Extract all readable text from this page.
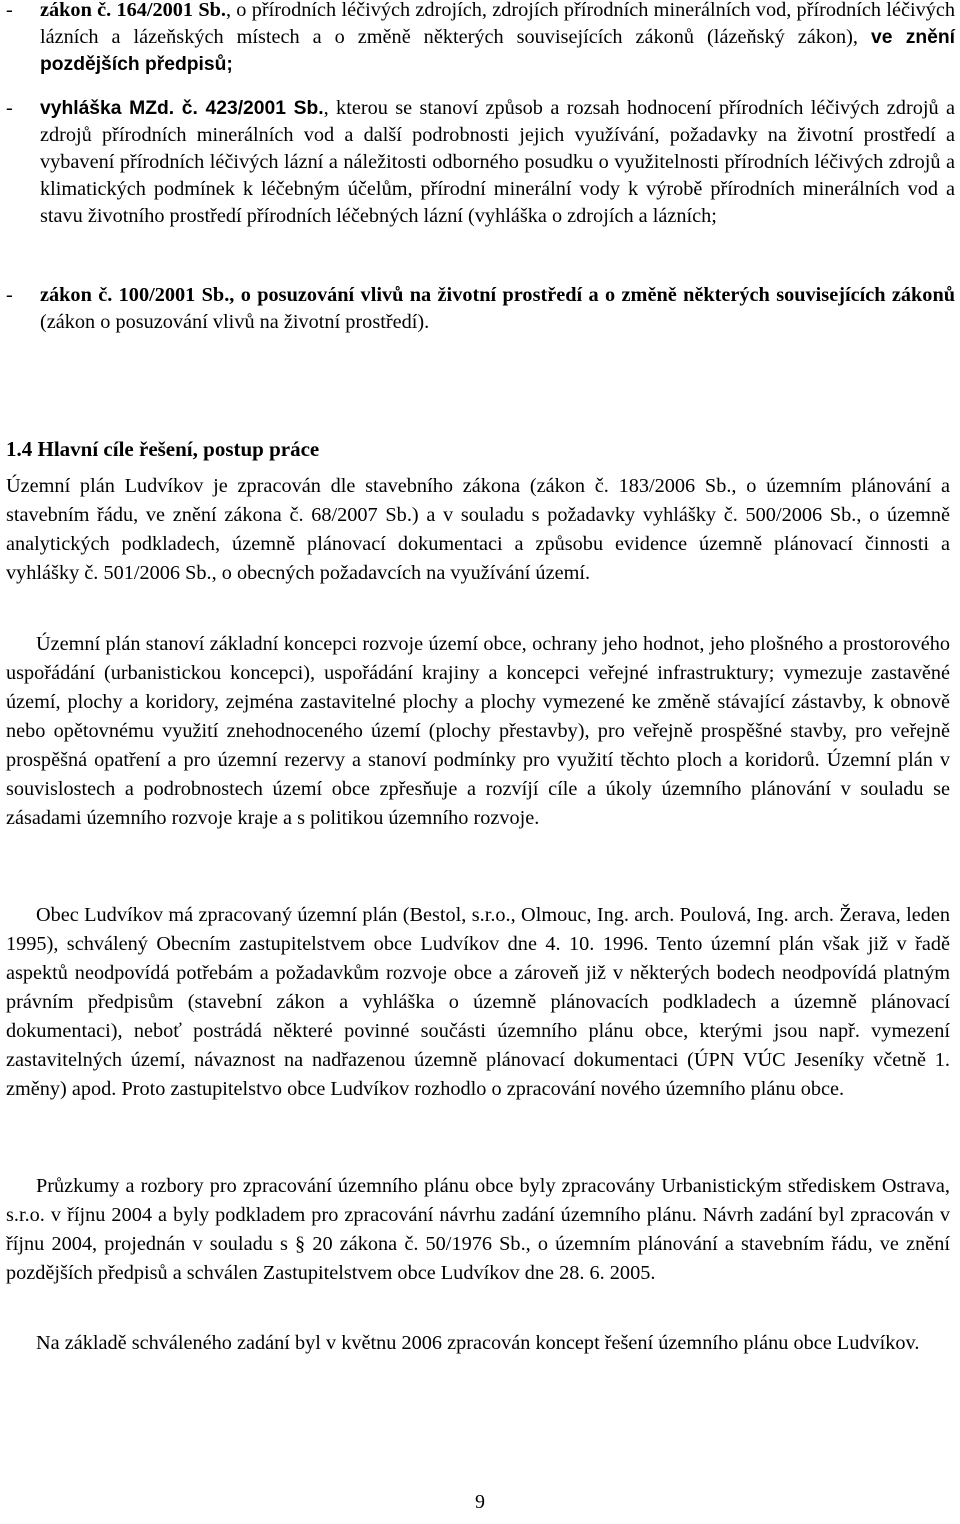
- zákon č. 164/2001 Sb., o přírodních léčivých zdrojích, zdrojích přírodních minerálních vod, přírodních léčivých lázních a lázeňských místech a o změně některých souvisejících zákonů (lázeňský zákon), ve znění pozdějších předpisů;
- vyhláška MZd. č. 423/2001 Sb., kterou se stanoví způsob a rozsah hodnocení přírodních léčivých zdrojů a zdrojů přírodních minerálních vod a další podrobnosti jejich využívání, požadavky na životní prostředí a vybavení přírodních léčivých lázní a náležitosti odborného posudku o využitelnosti přírodních léčivých zdrojů a klimatických podmínek k léčebným účelům, přírodní minerální vody k výrobě přírodních minerálních vod a stavu životního prostředí přírodních léčebných lázní (vyhláška o zdrojích a lázních;
- zákon č. 100/2001 Sb., o posuzování vlivů na životní prostředí a o změně některých souvisejících zákonů (zákon o posuzování vlivů na životní prostředí).
1.4 Hlavní cíle řešení, postup práce

Územní plán Ludvíkov je zpracován dle stavebního zákona (zákon č. 183/2006 Sb., o územním plánování a stavebním řádu, ve znění zákona č. 68/2007 Sb.) a v souladu s požadavky vyhlášky č. 500/2006 Sb., o územně analytických podkladech, územně plánovací dokumentaci a způsobu evidence územně plánovací činnosti a vyhlášky č. 501/2006 Sb., o obecných požadavcích na využívání území.

Územní plán stanoví základní koncepci rozvoje území obce, ochrany jeho hodnot, jeho plošného a prostorového uspořádání (urbanistickou koncepci), uspořádání krajiny a koncepci veřejné infrastruktury; vymezuje zastavěné území, plochy a koridory, zejména zastavitelné plochy a plochy vymezené ke změně stávající zástavby, k obnově nebo opětovnému využití znehodnoceného území (plochy přestavby), pro veřejně prospěšné stavby, pro veřejně prospěšná opatření a pro územní rezervy a stanoví podmínky pro využití těchto ploch a koridorů. Územní plán v souvislostech a podrobnostech území obce zpřesňuje a rozvíjí cíle a úkoly územního plánování v souladu se zásadami územního rozvoje kraje a s politikou územního rozvoje.

Obec Ludvíkov má zpracovaný územní plán (Bestol, s.r.o., Olmouc, Ing. arch. Poulová, Ing. arch. Žerava, leden 1995), schválený Obecním zastupitelstvem obce Ludvíkov dne 4. 10. 1996. Tento územní plán však již v řadě aspektů neodpovídá potřebám a požadavkům rozvoje obce a zároveň již v některých bodech neodpovídá platným právním předpisům (stavební zákon a vyhláška o územně plánovacích podkladech a územně plánovací dokumentaci), neboť postrádá některé povinné součásti územního plánu obce, kterými jsou např. vymezení zastavitelných území, návaznost na nadřazenou územně plánovací dokumentaci (ÚPN VÚC Jeseníky včetně 1. změny) apod. Proto zastupitelstvo obce Ludvíkov rozhodlo o zpracování nového územního plánu obce.

Průzkumy a rozbory pro zpracování územního plánu obce byly zpracovány Urbanistickým střediskem Ostrava, s.r.o. v říjnu 2004 a byly podkladem pro zpracování návrhu zadání územního plánu. Návrh zadání byl zpracován v říjnu 2004, projednán v souladu s § 20 zákona č. 50/1976 Sb., o územním plánování a stavebním řádu, ve znění pozdějších předpisů a schválen Zastupitelstvem obce Ludvíkov dne 28. 6. 2005.

Na základě schváleného zadání byl v květnu 2006 zpracován koncept řešení územního plánu obce Ludvíkov.

9
